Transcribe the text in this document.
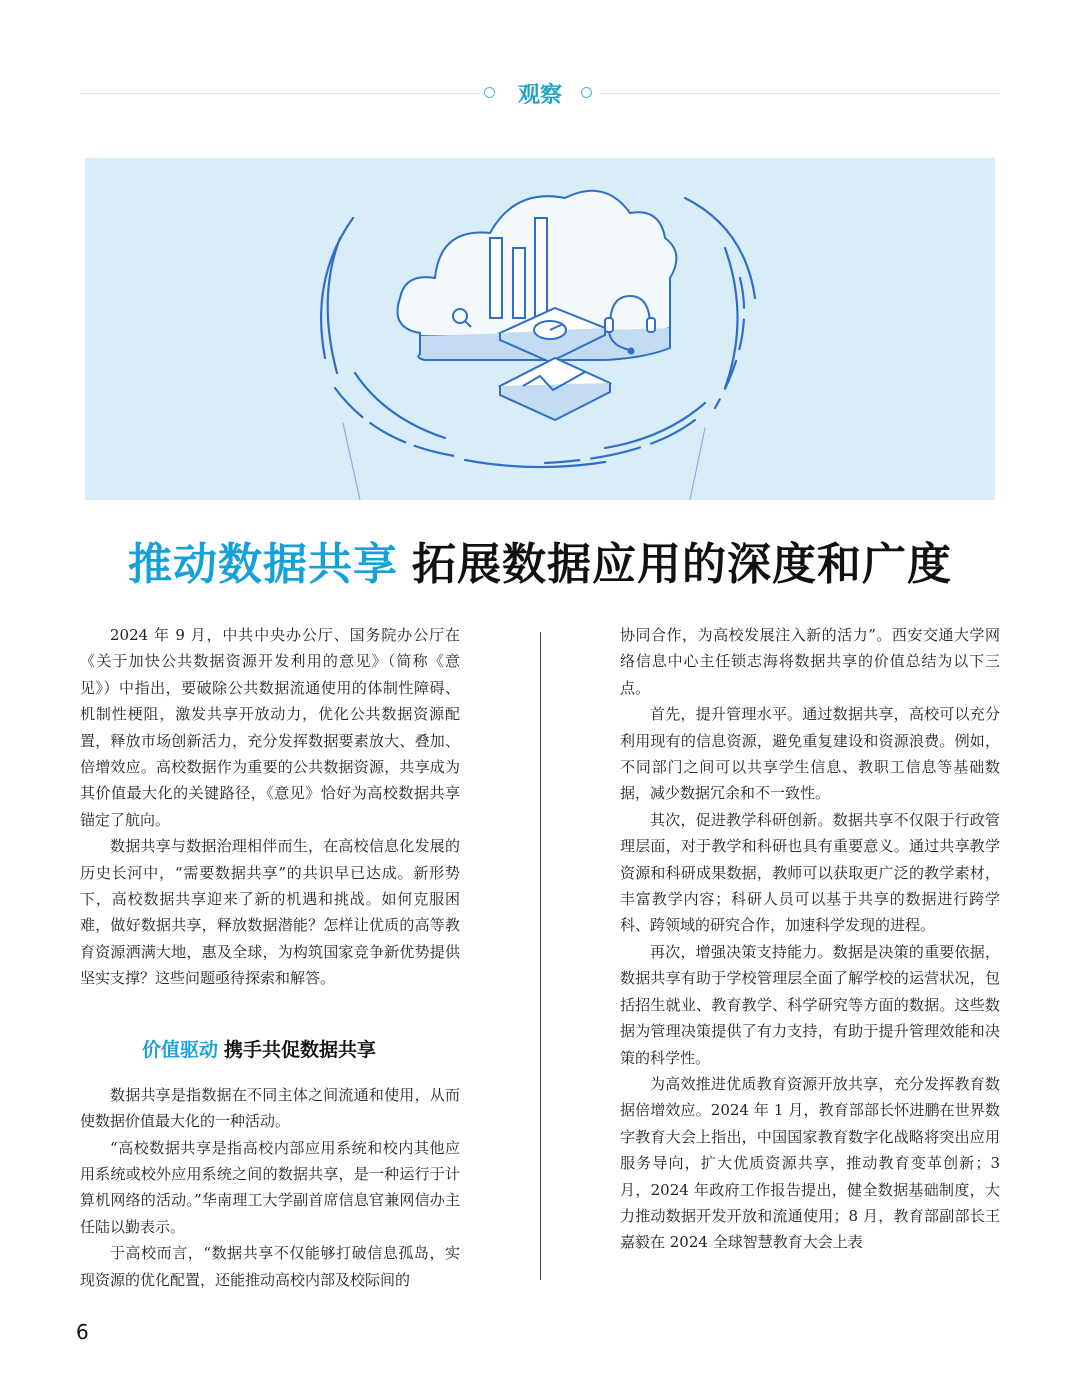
观察
推动数据共享 拓展数据应用的深度和广度

2024 年 9 月，中共中央办公厅、国务院办公厅在《关于加快公共数据资源开发利用的意见》（简称《意见》）中指出，要破除公共数据流通使用的体制性障碍、机制性梗阻，激发共享开放动力，优化公共数据资源配置，释放市场创新活力，充分发挥数据要素放大、叠加、倍增效应。高校数据作为重要的公共数据资源，共享成为其价值最大化的关键路径，《意见》恰好为高校数据共享锚定了航向。

数据共享与数据治理相伴而生，在高校信息化发展的历史长河中，“需要数据共享”的共识早已达成。新形势下，高校数据共享迎来了新的机遇和挑战。如何克服困难，做好数据共享，释放数据潜能？怎样让优质的高等教育资源洒满大地，惠及全球，为构筑国家竞争新优势提供坚实支撑？这些问题亟待探索和解答。

价值驱动 携手共促数据共享

数据共享是指数据在不同主体之间流通和使用，从而使数据价值最大化的一种活动。

“高校数据共享是指高校内部应用系统和校内其他应用系统或校外应用系统之间的数据共享，是一种运行于计算机网络的活动。”华南理工大学副首席信息官兼网信办主任陆以勤表示。

于高校而言，“数据共享不仅能够打破信息孤岛，实现资源的优化配置，还能推动高校内部及校际间的

协同合作，为高校发展注入新的活力”。西安交通大学网络信息中心主任锁志海将数据共享的价值总结为以下三点。

首先，提升管理水平。通过数据共享，高校可以充分利用现有的信息资源，避免重复建设和资源浪费。例如，不同部门之间可以共享学生信息、教职工信息等基础数据，减少数据冗余和不一致性。

其次，促进教学科研创新。数据共享不仅限于行政管理层面，对于教学和科研也具有重要意义。通过共享教学资源和科研成果数据，教师可以获取更广泛的教学素材，丰富教学内容；科研人员可以基于共享的数据进行跨学科、跨领域的研究合作，加速科学发现的进程。

再次，增强决策支持能力。数据是决策的重要依据，数据共享有助于学校管理层全面了解学校的运营状况，包括招生就业、教育教学、科学研究等方面的数据。这些数据为管理决策提供了有力支持，有助于提升管理效能和决策的科学性。

为高效推进优质教育资源开放共享，充分发挥教育数据倍增效应。2024 年 1 月，教育部部长怀进鹏在世界数字教育大会上指出，中国国家教育数字化战略将突出应用服务导向，扩大优质资源共享，推动教育变革创新；3 月，2024 年政府工作报告提出，健全数据基础制度，大力推动数据开发开放和流通使用；8 月，教育部副部长王嘉毅在 2024 全球智慧教育大会上表

6
